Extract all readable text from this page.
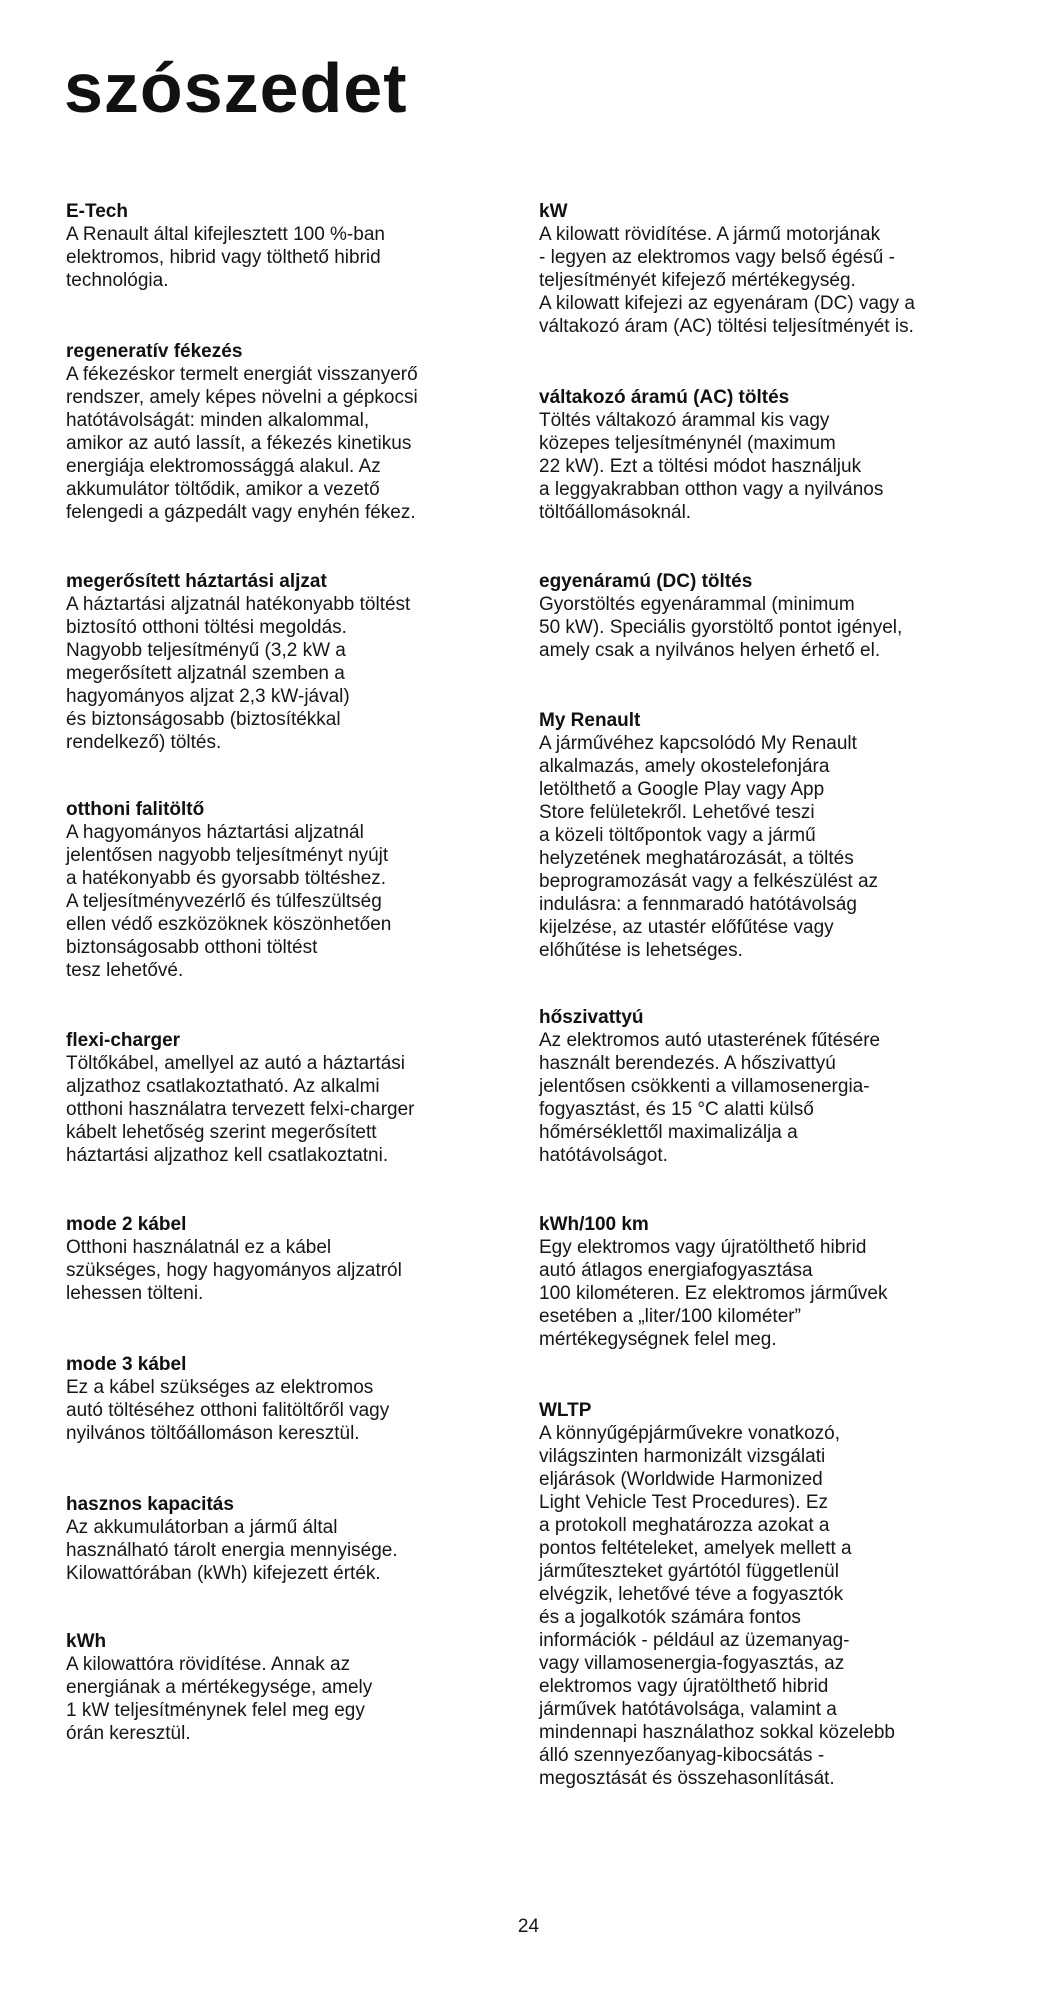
szószedet
E-Tech
A Renault által kifejlesztett 100 %-ban
elektromos, hibrid vagy tölthető hibrid
technológia.
regeneratív fékezés
A fékezéskor termelt energiát visszanyerő
rendszer, amely képes növelni a gépkocsi
hatótávolságát: minden alkalommal,
amikor az autó lassít, a fékezés kinetikus
energiája elektromossággá alakul. Az
akkumulátor töltődik, amikor a vezető
felengedi a gázpedált vagy enyhén fékez.
megerősített háztartási aljzat
A háztartási aljzatnál hatékonyabb töltést
biztosító otthoni töltési megoldás.
Nagyobb teljesítményű (3,2 kW a
megerősített aljzatnál szemben a
hagyományos aljzat 2,3 kW-jával)
és biztonságosabb (biztosítékkal
rendelkező) töltés.
otthoni falitöltő
A hagyományos háztartási aljzatnál
jelentősen nagyobb teljesítményt nyújt
a hatékonyabb és gyorsabb töltéshez.
A teljesítményvezérlő és túlfeszültség
ellen védő eszközöknek köszönhetően
biztonságosabb otthoni töltést
tesz lehetővé.
flexi-charger
Töltőkábel, amellyel az autó a háztartási
aljzathoz csatlakoztatható. Az alkalmi
otthoni használatra tervezett felxi-charger
kábelt lehetőség szerint megerősített
háztartási aljzathoz kell csatlakoztatni.
mode 2 kábel
Otthoni használatnál ez a kábel
szükséges, hogy hagyományos aljzatról
lehessen tölteni.
mode 3 kábel
Ez a kábel szükséges az elektromos
autó töltéséhez otthoni falitöltőről vagy
nyilvános töltőállomáson keresztül.
hasznos kapacitás
Az akkumulátorban a jármű által
használható tárolt energia mennyisége.
Kilowattórában (kWh) kifejezett érték.
kWh
A kilowattóra rövidítése. Annak az
energiának a mértékegysége, amely
1 kW teljesítménynek felel meg egy
órán keresztül.
kW
A kilowatt rövidítése. A jármű motorjának
- legyen az elektromos vagy belső égésű -
teljesítményét kifejező mértékegység.
A kilowatt kifejezi az egyenáram (DC) vagy a
váltakozó áram (AC) töltési teljesítményét is.
váltakozó áramú (AC) töltés
Töltés váltakozó árammal kis vagy
közepes teljesítménynél (maximum
22 kW). Ezt a töltési módot használjuk
a leggyakrabban otthon vagy a nyilvános
töltőállomásoknál.
egyenáramú (DC) töltés
Gyorstöltés egyenárammal (minimum
50 kW). Speciális gyorstöltő pontot igényel,
amely csak a nyilvános helyen érhető el.
My Renault
A járművéhez kapcsolódó My Renault
alkalmazás, amely okostelefonjára
letölthető a Google Play vagy App
Store felületekről. Lehetővé teszi
a közeli töltőpontok vagy a jármű
helyzetének meghatározását, a töltés
beprogramozását vagy a felkészülést az
indulásra: a fennmaradó hatótávolság
kijelzése, az utastér előfűtése vagy
előhűtése is lehetséges.
hőszivattyú
Az elektromos autó utasterének fűtésére
használt berendezés. A hőszivattyú
jelentősen csökkenti a villamosenergia-
fogyasztást, és 15 °C alatti külső
hőmérséklettől maximalizálja a
hatótávolságot.
kWh/100 km
Egy elektromos vagy újratölthető hibrid
autó átlagos energiafogyasztása
100 kilométeren. Ez elektromos járművek
esetében a „liter/100 kilométer”
mértékegységnek felel meg.
WLTP
A könnyűgépjárművekre vonatkozó,
világszinten harmonizált vizsgálati
eljárások (Worldwide Harmonized
Light Vehicle Test Procedures). Ez
a protokoll meghatározza azokat a
pontos feltételeket, amelyek mellett a
járműteszteket gyártótól függetlenül
elvégzik, lehetővé téve a fogyasztók
és a jogalkotók számára fontos
információk - például az üzemanyag-
vagy villamosenergia-fogyasztás, az
elektromos vagy újratölthető hibrid
járművek hatótávolsága, valamint a
mindennapi használathoz sokkal közelebb
álló szennyezőanyag-kibocsátás -
megosztását és összehasonlítását.
24
